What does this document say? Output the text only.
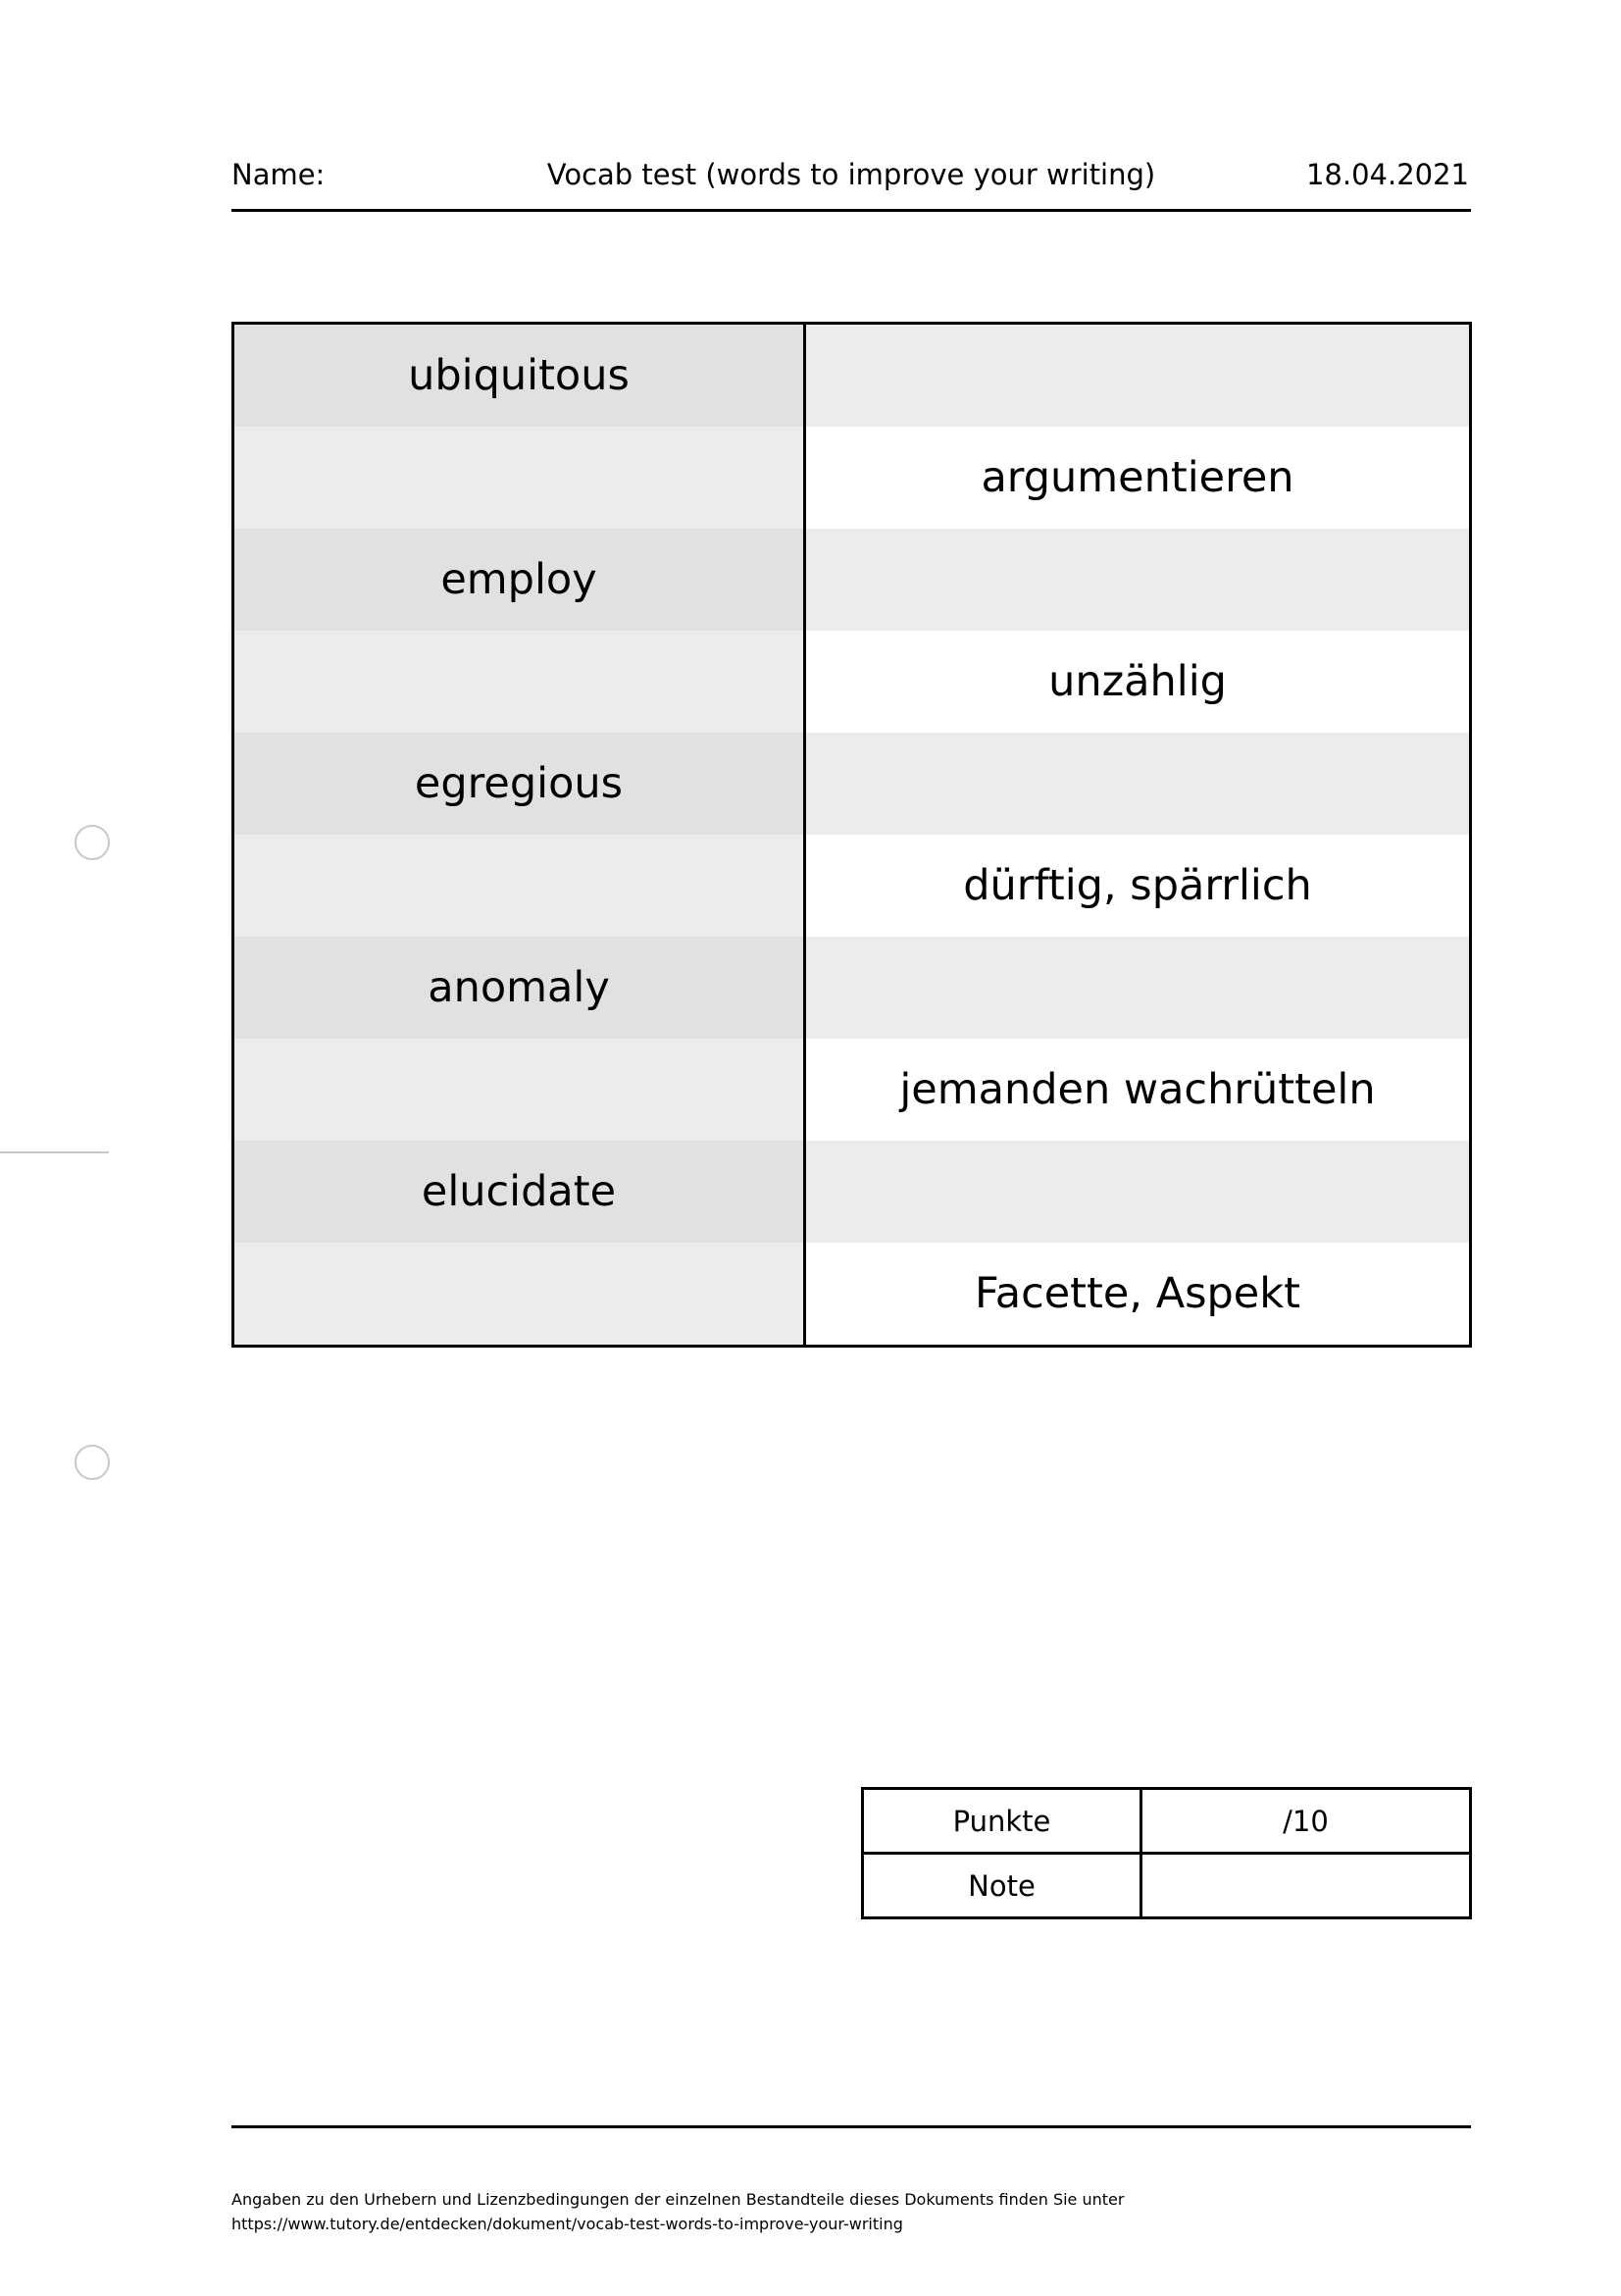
Name:	Vocab test (words to improve your writing)	18.04.2021
ubiquitous	
	argumentieren
employ	
	unzählig
egregious	
	dürftig, spärrlich
anomaly	
	jemanden wachrütteln
elucidate	
	Facette, Aspekt
Punkte	/10
Note	
Angaben zu den Urhebern und Lizenzbedingungen der einzelnen Bestandteile dieses Dokuments finden Sie unter
https://www.tutory.de/entdecken/dokument/vocab-test-words-to-improve-your-writing
